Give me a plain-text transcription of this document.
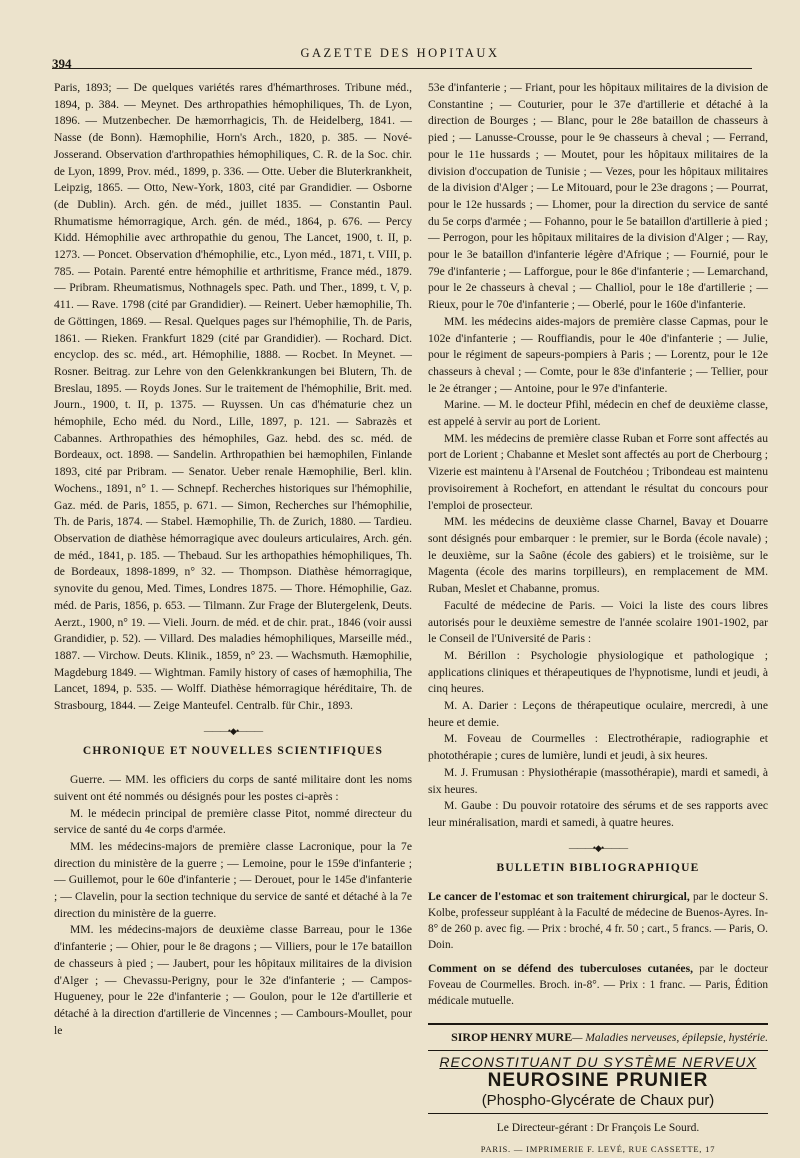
394
GAZETTE DES HOPITAUX

Paris, 1893; — De quelques variétés rares d'hémarthroses. Tribune méd., 1894, p. 384. — Meynet. Des arthropathies hémophiliques, Th. de Lyon, 1896. — Mutzenbecher. De hæmorrhagicis, Th. de Heidelberg, 1841. — Nasse (de Bonn). Hæmophilie, Horn's Arch., 1820, p. 385. — Nové-Josserand. Observation d'arthropathies hémophiliques, C. R. de la Soc. chir. de Lyon, 1899, Prov. méd., 1899, p. 336. — Otte. Ueber die Bluterkrankheit, Leipzig, 1865. — Otto, New-York, 1803, cité par Grandidier. — Osborne (de Dublin). Arch. gén. de méd., juillet 1835. — Constantin Paul. Rhumatisme hémorragique, Arch. gén. de méd., 1864, p. 676. — Percy Kidd. Hémophilie avec arthropathie du genou, The Lancet, 1900, t. II, p. 1273. — Poncet. Observation d'hémophilie, etc., Lyon méd., 1871, t. VIII, p. 785. — Potain. Parenté entre hémophilie et arthritisme, France méd., 1879. — Pribram. Rheumatismus, Nothnagels spec. Path. und Ther., 1899, t. V, p. 411. — Rave. 1798 (cité par Grandidier). — Reinert. Ueber hæmophilie, Th. de Göttingen, 1869. — Resal. Quelques pages sur l'hémophilie, Th. de Paris, 1861. — Rieken. Frankfurt 1829 (cité par Grandidier). — Rochard. Dict. encyclop. des sc. méd., art. Hémophilie, 1888. — Rocbet. In Meynet. — Rosner. Beitrag. zur Lehre von den Gelenkkrankungen bei Blutern, Th. de Breslau, 1895. — Royds Jones. Sur le traitement de l'hémophilie, Brit. med. Journ., 1900, t. II, p. 1375. — Ruyssen. Un cas d'hématurie chez un hémophile, Echo méd. du Nord., Lille, 1897, p. 121. — Sabrazès et Cabannes. Arthropathies des hémophiles, Gaz. hebd. des sc. méd. de Bordeaux, oct. 1898. — Sandelin. Arthropathien bei hæmophilen, Finlande 1893, cité par Pribram. — Senator. Ueber renale Hæmophilie, Berl. klin. Wochens., 1891, n° 1. — Schnepf. Recherches historiques sur l'hémophilie, Gaz. méd. de Paris, 1855, p. 671. — Simon, Recherches sur l'hémophilie, Th. de Paris, 1874. — Stabel. Hæmophilie, Th. de Zurich, 1880. — Tardieu. Observation de diathèse hémorragique avec douleurs articulaires, Arch. gén. de méd., 1841, p. 185. — Thebaud. Sur les arthopathies hémophiliques, Th. de Bordeaux, 1898-1899, n° 32. — Thompson. Diathèse hémorragique, synovite du genou, Med. Times, Londres 1875. — Thore. Hémophilie, Gaz. méd. de Paris, 1856, p. 653. — Tilmann. Zur Frage der Blutergelenk, Deuts. Aerzt., 1900, n° 19. — Vieli. Journ. de méd. et de chir. prat., 1846 (voir aussi Grandidier, p. 52). — Villard. Des maladies hémophiliques, Marseille méd., 1887. — Virchow. Deuts. Klinik., 1859, n° 23. — Wachsmuth. Hæmophilie, Magdeburg 1849. — Wightman. Family history of cases of hæmophilia, The Lancet, 1894, p. 535. — Wolff. Diathèse hémorragique héréditaire, Th. de Strasbourg, 1844. — Zeige Manteufel. Centralb. für Chir., 1893.

———•◆•———
CHRONIQUE ET NOUVELLES SCIENTIFIQUES

Guerre. — MM. les officiers du corps de santé militaire dont les noms suivent ont été nommés ou désignés pour les postes ci-après :

M. le médecin principal de première classe Pitot, nommé directeur du service de santé du 4e corps d'armée.

MM. les médecins-majors de première classe Lacronique, pour la 7e direction du ministère de la guerre ; — Lemoine, pour le 159e d'infanterie ; — Guillemot, pour le 60e d'infanterie ; — Derouet, pour le 145e d'infanterie ; — Clavelin, pour la section technique du service de santé et détaché à la 7e direction du ministère de la guerre.

MM. les médecins-majors de deuxième classe Barreau, pour le 136e d'infanterie ; — Ohier, pour le 8e dragons ; — Villiers, pour le 17e bataillon de chasseurs à pied ; — Jaubert, pour les hôpitaux militaires de la division d'Alger ; — Chevassu-Perigny, pour le 32e d'infanterie ; — Campos-Hugueney, pour le 22e d'infanterie ; — Goulon, pour le 12e d'artillerie et détaché à la direction d'artillerie de Vincennes ; — Cambours-Moullet, pour le

53e d'infanterie ; — Friant, pour les hôpitaux militaires de la division de Constantine ; — Couturier, pour le 37e d'artillerie et détaché à la direction de Bourges ; — Blanc, pour le 28e bataillon de chasseurs à pied ; — Lanusse-Crousse, pour le 9e chasseurs à cheval ; — Ferrand, pour le 11e hussards ; — Moutet, pour les hôpitaux militaires de la division d'occupation de Tunisie ; — Vezes, pour les hôpitaux militaires de la division d'Alger ; — Le Mitouard, pour le 23e dragons ; — Pourrat, pour le 12e hussards ; — Lhomer, pour la direction du service de santé du 5e corps d'armée ; — Fohanno, pour le 5e bataillon d'artillerie à pied ; — Perrogon, pour les hôpitaux militaires de la division d'Alger ; — Ray, pour le 3e bataillon d'infanterie légère d'Afrique ; — Fournié, pour le 79e d'infanterie ; — Lafforgue, pour le 86e d'infanterie ; — Lemarchand, pour le 2e chasseurs à cheval ; — Challiol, pour le 18e d'artillerie ; — Rieux, pour le 70e d'infanterie ; — Oberlé, pour le 160e d'infanterie.

MM. les médecins aides-majors de première classe Capmas, pour le 102e d'infanterie ; — Rouffiandis, pour le 40e d'infanterie ; — Julie, pour le régiment de sapeurs-pompiers à Paris ; — Lorentz, pour le 12e chasseurs à cheval ; — Comte, pour le 83e d'infanterie ; — Tellier, pour le 2e étranger ; — Antoine, pour le 97e d'infanterie.

Marine. — M. le docteur Pfihl, médecin en chef de deuxième classe, est appelé à servir au port de Lorient.

MM. les médecins de première classe Ruban et Forre sont affectés au port de Lorient ; Chabanne et Meslet sont affectés au port de Cherbourg ; Vizerie est maintenu à l'Arsenal de Foutchéou ; Tribondeau est maintenu provisoirement à Rochefort, en attendant le résultat du concours pour l'emploi de prosecteur.

MM. les médecins de deuxième classe Charnel, Bavay et Douarre sont désignés pour embarquer : le premier, sur le Borda (école navale) ; le deuxième, sur la Saône (école des gabiers) et le troisième, sur le Magenta (école des marins torpilleurs), en remplacement de MM. Ruban, Meslet et Chabanne, promus.

Faculté de médecine de Paris. — Voici la liste des cours libres autorisés pour le deuxième semestre de l'année scolaire 1901-1902, par le Conseil de l'Université de Paris :

M. Bérillon : Psychologie physiologique et pathologique ; applications cliniques et thérapeutiques de l'hypnotisme, lundi et jeudi, à cinq heures.

M. A. Darier : Leçons de thérapeutique oculaire, mercredi, à une heure et demie.

M. Foveau de Courmelles : Electrothérapie, radiographie et photothérapie ; cures de lumière, lundi et jeudi, à six heures.

M. J. Frumusan : Physiothérapie (massothérapie), mardi et samedi, à six heures.

M. Gaube : Du pouvoir rotatoire des sérums et de ses rapports avec leur minéralisation, mardi et samedi, à quatre heures.

———•◆•———
BULLETIN BIBLIOGRAPHIQUE
Le cancer de l'estomac et son traitement chirurgical, par le docteur S. Kolbe, professeur suppléant à la Faculté de médecine de Buenos-Ayres. In-8° de 260 p. avec fig. — Prix : broché, 4 fr. 50 ; cart., 5 francs. — Paris, O. Doin.
Comment on se défend des tuberculoses cutanées, par le docteur Foveau de Courmelles. Broch. in-8°. — Prix : 1 franc. — Paris, Édition médicale mutuelle.
SIROP HENRY MURE— Maladies nerveuses, épilepsie, hystérie.
RECONSTITUANT DU SYSTÈME NERVEUX
NEUROSINE PRUNIER
(Phospho-Glycérate de Chaux pur)
Le Directeur-gérant : Dr François Le Sourd.
PARIS. — IMPRIMERIE F. LEVÉ, RUE CASSETTE, 17
